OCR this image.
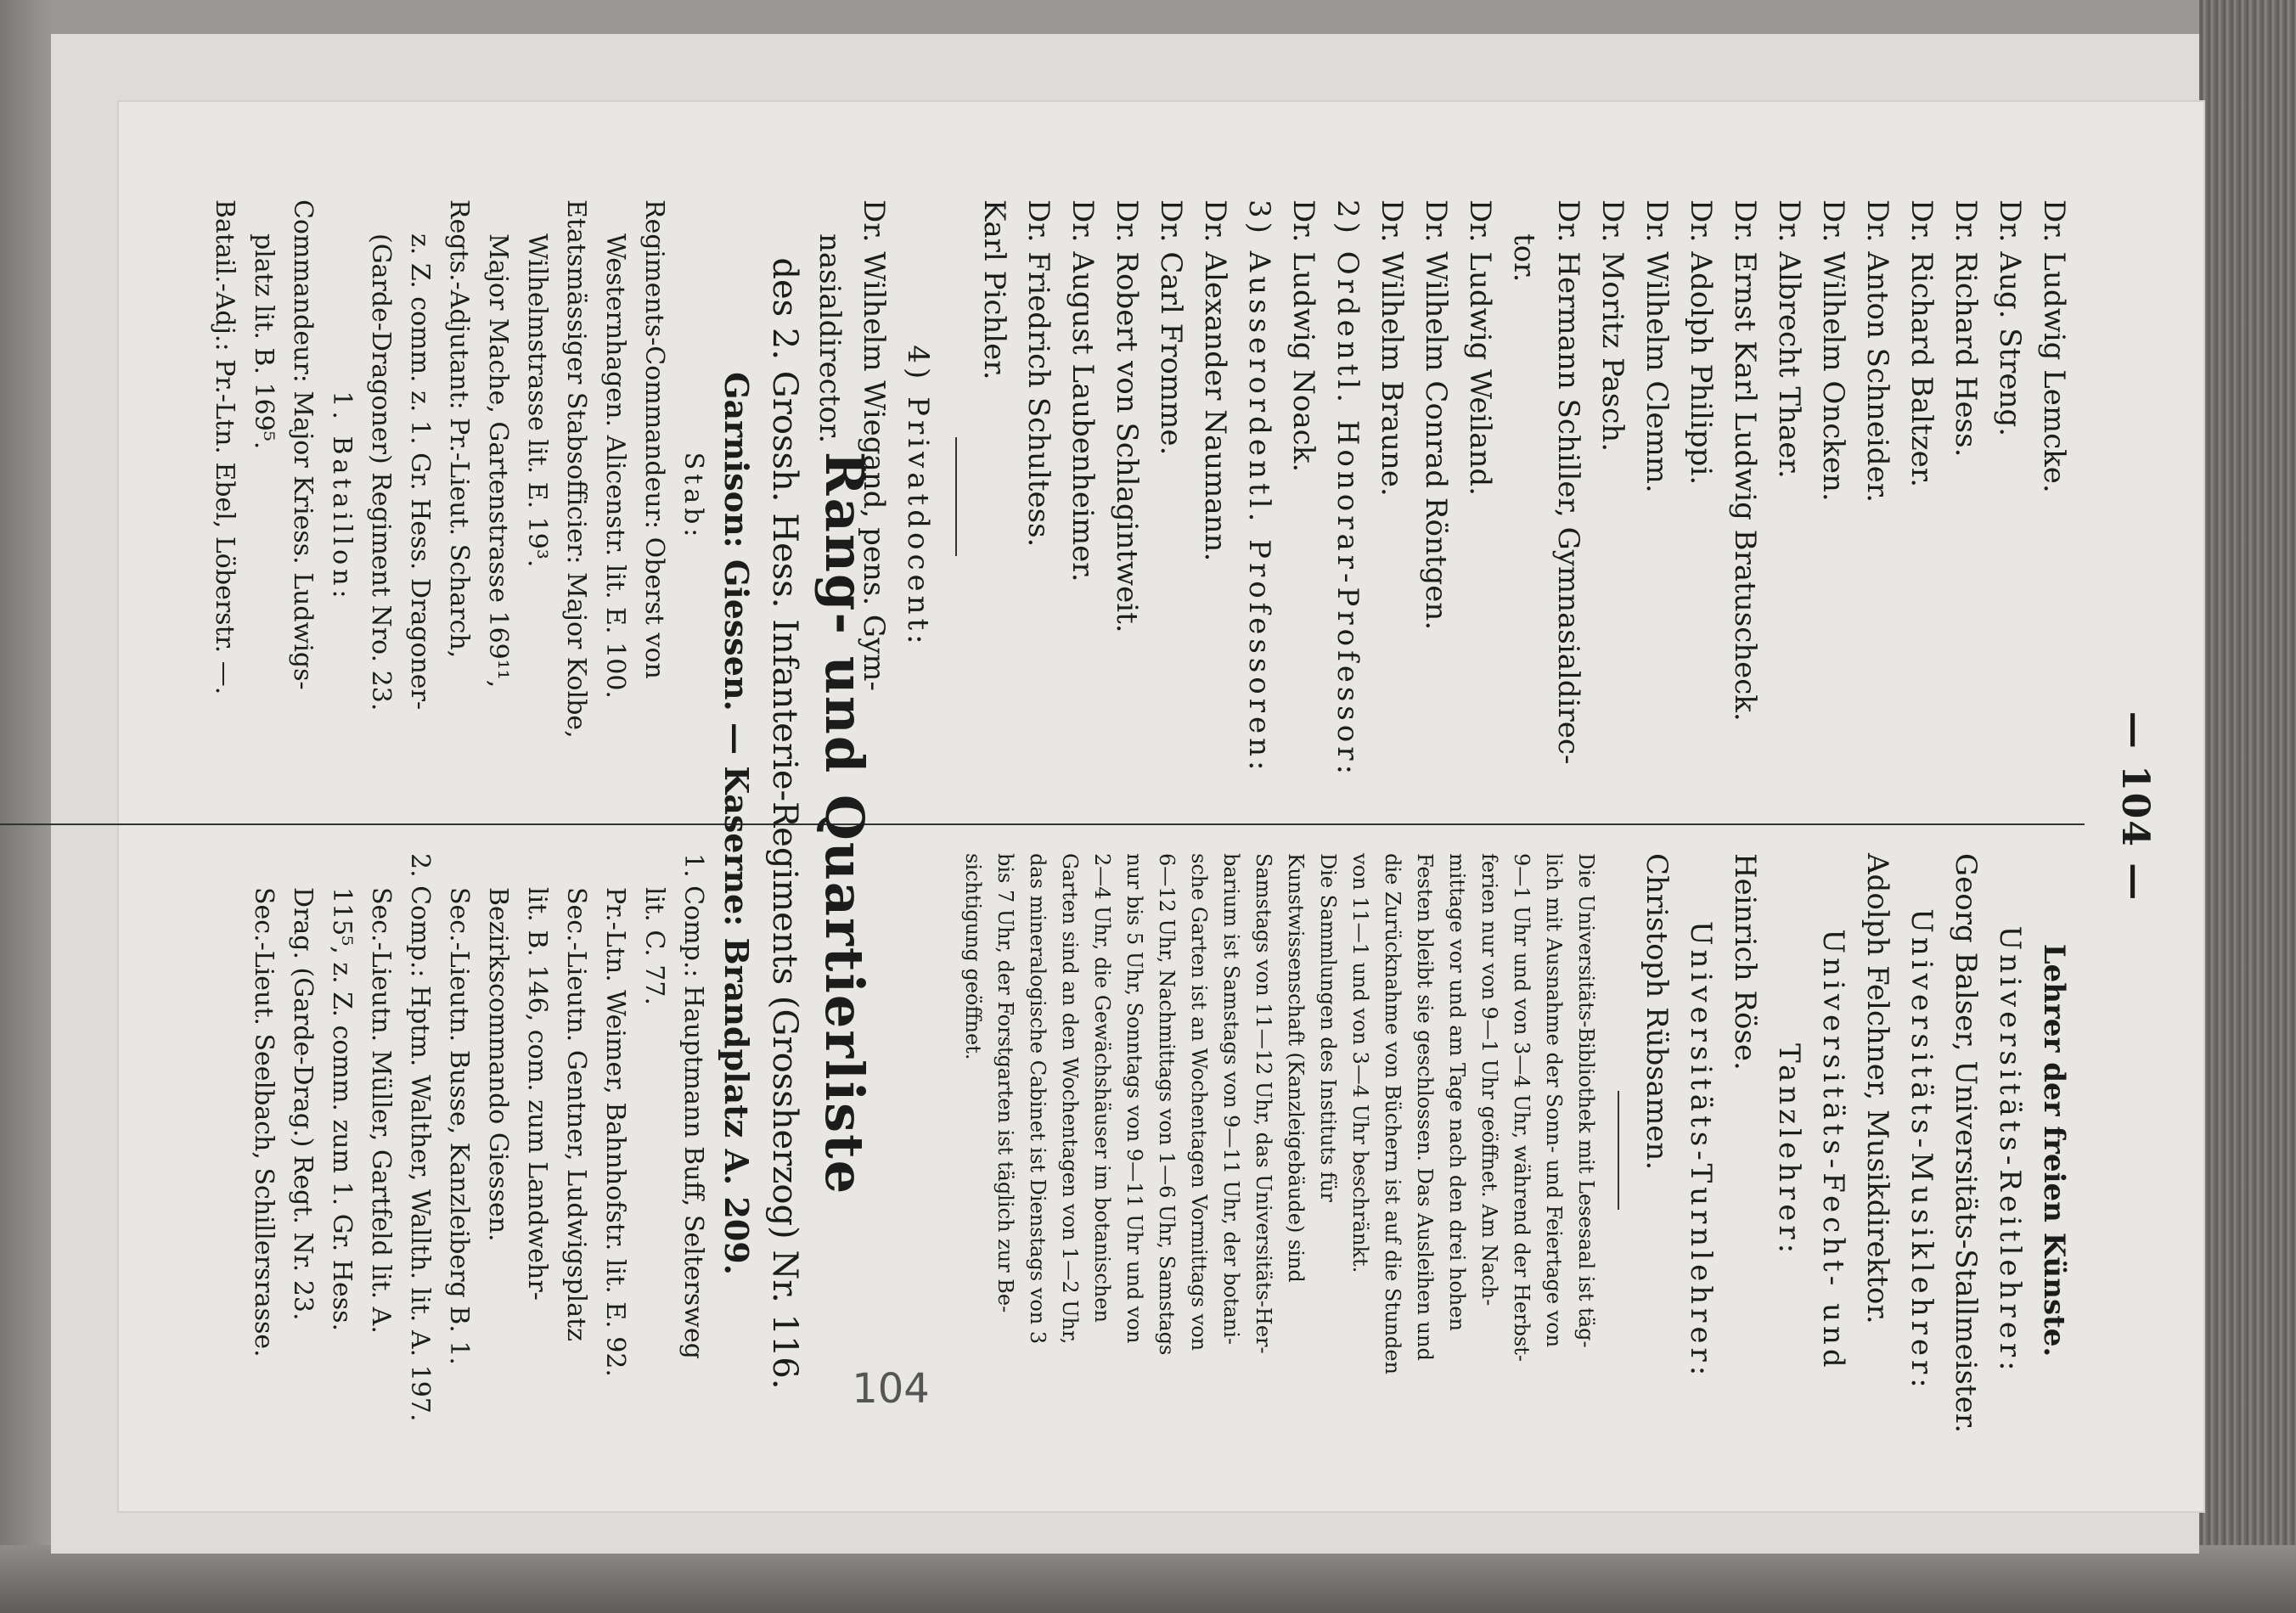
— 104 —
104
Dr. Ludwig Lemcke.
Dr. Aug. Streng.
Dr. Richard Hess.
Dr. Richard Baltzer.
Dr. Anton Schneider.
Dr. Wilhelm Oncken.
Dr. Albrecht Thaer.
Dr. Ernst Karl Ludwig Bratuscheck.
Dr. Adolph Philippi.
Dr. Wilhelm Clemm.
Dr. Moritz Pasch.
Dr. Hermann Schiller, Gymnasialdirec-
tor.
Dr. Ludwig Weiland.
Dr. Wilhelm Conrad Röntgen.
Dr. Wilhelm Braune.
2) Ordentl. Honorar-Professor:
Dr. Ludwig Noack.
3) Ausserordentl. Professoren:
Dr. Alexander Naumann.
Dr. Carl Fromme.
Dr. Robert von Schlagintweit.
Dr. August Laubenheimer.
Dr. Friedrich Schultess.
Karl Pichler.
4) Privatdocent:
Dr. Wilhelm Wiegand, pens. Gym-
nasialdirector.
Lehrer der freien Künste.
Universitäts-Reitlehrer:
Georg Balser, Universitäts-Stallmeister.
Universitäts-Musiklehrer:
Adolph Felchner, Musikdirektor.
Universitäts-Fecht- und
Tanzlehrer:
Heinrich Röse.
Universitäts-Turnlehrer:
Christoph Rübsamen.
Die Universitäts-Bibliothek mit Lesesaal ist täg-
lich mit Ausnahme der Sonn- und Feiertage von
9—1 Uhr und von 3—4 Uhr, während der Herbst-
ferien nur von 9—1 Uhr geöffnet. Am Nach-
mittage vor und am Tage nach den drei hohen
Festen bleibt sie geschlossen. Das Ausleihen und
die Zurücknahme von Büchern ist auf die Stunden
von 11—1 und von 3—4 Uhr beschränkt.
Die Sammlungen des Instituts für
Kunstwissenschaft (Kanzleigebäude) sind
Samstags von 11—12 Uhr, das Universitäts-Her-
barium ist Samstags von 9—11 Uhr, der botani-
sche Garten ist an Wochentagen Vormittags von
6—12 Uhr, Nachmittags von 1—6 Uhr, Samstags
nur bis 5 Uhr, Sonntags von 9—11 Uhr und von
2—4 Uhr, die Gewächshäuser im botanischen
Garten sind an den Wochentagen von 1—2 Uhr,
das mineralogische Cabinet ist Dienstags von 3
bis 7 Uhr, der Forstgarten ist täglich zur Be-
sichtigung geöffnet.
Rang- und Quartierliste
des 2. Grossh. Hess. Infanterie-Regiments (Grossherzog) Nr. 116.
Garnison: Giessen. — Kaserne: Brandplatz A. 209.
Stab:
Regiments-Commandeur: Oberst von
Westernhagen. Alicenstr. lit. E. 100.
Etatsmässiger Stabsofficier: Major Kolbe,
Wilhelmstrasse lit. E. 19³.
Major Mache, Gartenstrasse 169¹¹,
Regts.-Adjutant: Pr.-Lieut. Scharch,
z. Z. comm. z. 1. Gr. Hess. Dragoner-
(Garde-Dragoner) Regiment Nro. 23.
1. Bataillon:
Commandeur: Major Kriess. Ludwigs-
platz lit. B. 169⁵.
Batail.-Adj.: Pr.-Ltn. Ebel, Löberstr. —.
1. Comp.: Hauptmann Buff, Seltersweg
lit. C. 77.
Pr.-Ltn. Weimer, Bahnhofstr. lit. E. 92.
Sec.-Lieutn. Gentner, Ludwigsplatz
lit. B. 146, com. zum Landwehr-
Bezirkscommando Giessen.
Sec.-Lieutn. Busse, Kanzleiberg B. 1.
2. Comp.: Hptm. Walther, Wallth. lit. A. 197.
Sec.-Lieutn. Müller, Gartfeld lit. A.
115⁵, z. Z. comm. zum 1. Gr. Hess.
Drag. (Garde-Drag.) Regt. Nr. 23.
Sec.-Lieut. Seelbach, Schillersrasse.
